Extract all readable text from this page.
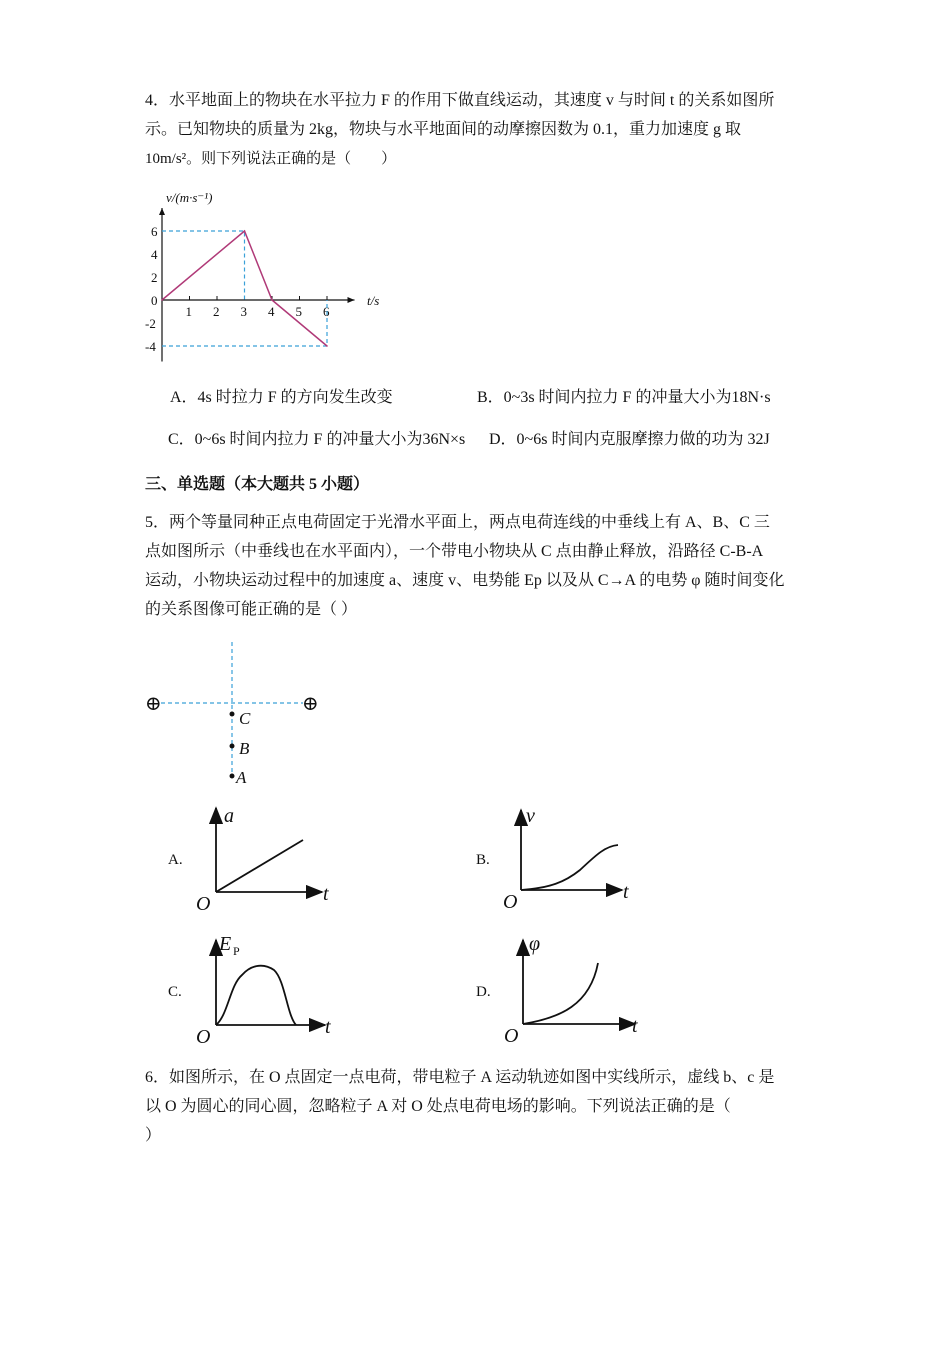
4．水平地面上的物块在水平拉力 F 的作用下做直线运动，其速度 v 与时间 t 的关系如图所
示。已知物块的质量为 2kg，物块与水平地面间的动摩擦因数为 0.1，重力加速度 g 取
10m/s²。则下列说法正确的是（　　）
1 2 3 4 5 6
6
4
2
0
-2
-4
v/(m·s⁻¹)
t/s
A．4s 时拉力 F 的方向发生改变	B．0~3s 时间内拉力 F 的冲量大小为18N·s
C．0~6s 时间内拉力 F 的冲量大小为36N×s D．0~6s 时间内克服摩擦力做的功为 32J
三、单选题（本大题共 5 小题）
5．两个等量同种正点电荷固定于光滑水平面上，两点电荷连线的中垂线上有 A、B、C 三
点如图所示（中垂线也在水平面内），一个带电小物块从 C 点由静止释放，沿路径 C-B-A
运动，小物块运动过程中的加速度 a、速度 v、电势能 Ep 以及从 C→A 的电势 φ 随时间变化
的关系图像可能正确的是（ ）
⊕	⊕
C
B
A
A.
a
t
O
B.
v
t
O
C.
E P
t
O
D.
φ
t
O
6．如图所示，在 O 点固定一点电荷，带电粒子 A 运动轨迹如图中实线所示，虚线 b、c 是
以 O 为圆心的同心圆，忽略粒子 A 对 O 处点电荷电场的影响。下列说法正确的是（
）
